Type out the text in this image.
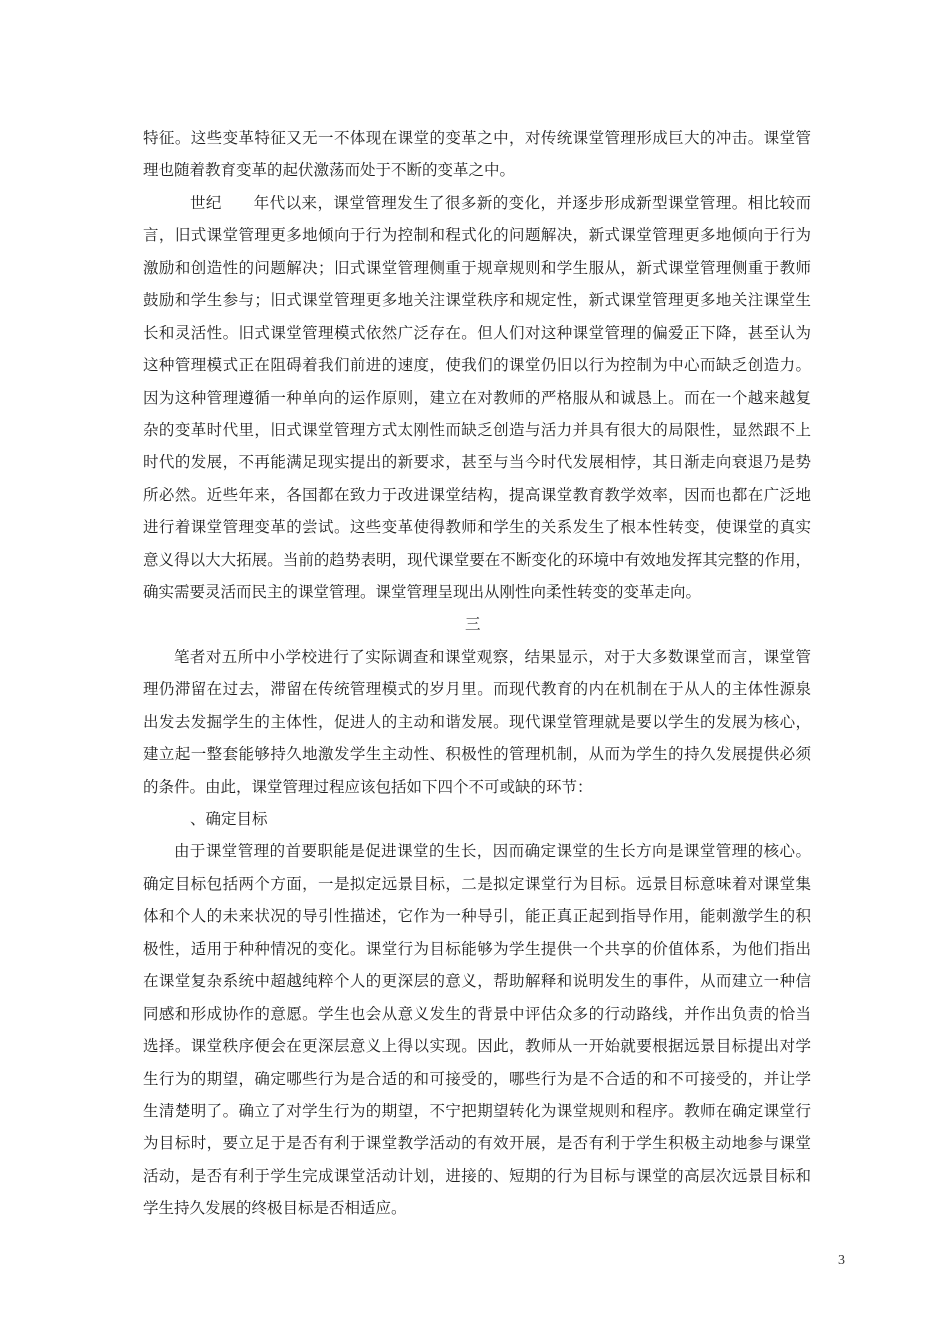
特征。这些变革特征又无一不体现在课堂的变革之中，对传统课堂管理形成巨大的冲击。课堂管
理也随着教育变革的起伏激荡而处于不断的变革之中。
世纪　　年代以来，课堂管理发生了很多新的变化，并逐步形成新型课堂管理。相比较而
言，旧式课堂管理更多地倾向于行为控制和程式化的问题解决，新式课堂管理更多地倾向于行为
激励和创造性的问题解决；旧式课堂管理侧重于规章规则和学生服从，新式课堂管理侧重于教师
鼓励和学生参与；旧式课堂管理更多地关注课堂秩序和规定性，新式课堂管理更多地关注课堂生
长和灵活性。旧式课堂管理模式依然广泛存在。但人们对这种课堂管理的偏爱正下降，甚至认为
这种管理模式正在阻碍着我们前进的速度，使我们的课堂仍旧以行为控制为中心而缺乏创造力。
因为这种管理遵循一种单向的运作原则，建立在对教师的严格服从和诚恳上。而在一个越来越复
杂的变革时代里，旧式课堂管理方式太刚性而缺乏创造与活力并具有很大的局限性，显然跟不上
时代的发展，不再能满足现实提出的新要求，甚至与当今时代发展相悖，其日渐走向衰退乃是势
所必然。近些年来，各国都在致力于改进课堂结构，提高课堂教育教学效率，因而也都在广泛地
进行着课堂管理变革的尝试。这些变革使得教师和学生的关系发生了根本性转变，使课堂的真实
意义得以大大拓展。当前的趋势表明，现代课堂要在不断变化的环境中有效地发挥其完整的作用，
确实需要灵活而民主的课堂管理。课堂管理呈现出从刚性向柔性转变的变革走向。
三
笔者对五所中小学校进行了实际调查和课堂观察，结果显示，对于大多数课堂而言，课堂管
理仍滞留在过去，滞留在传统管理模式的岁月里。而现代教育的内在机制在于从人的主体性源泉
出发去发掘学生的主体性，促进人的主动和谐发展。现代课堂管理就是要以学生的发展为核心，
建立起一整套能够持久地激发学生主动性、积极性的管理机制，从而为学生的持久发展提供必须
的条件。由此，课堂管理过程应该包括如下四个不可或缺的环节：
、确定目标
由于课堂管理的首要职能是促进课堂的生长，因而确定课堂的生长方向是课堂管理的核心。
确定目标包括两个方面，一是拟定远景目标，二是拟定课堂行为目标。远景目标意味着对课堂集
体和个人的未来状况的导引性描述，它作为一种导引，能正真正起到指导作用，能刺激学生的积
极性，适用于种种情况的变化。课堂行为目标能够为学生提供一个共享的价值体系，为他们指出
在课堂复杂系统中超越纯粹个人的更深层的意义，帮助解释和说明发生的事件，从而建立一种信
同感和形成协作的意愿。学生也会从意义发生的背景中评估众多的行动路线，并作出负责的恰当
选择。课堂秩序便会在更深层意义上得以实现。因此，教师从一开始就要根据远景目标提出对学
生行为的期望，确定哪些行为是合适的和可接受的，哪些行为是不合适的和不可接受的，并让学
生清楚明了。确立了对学生行为的期望，不宁把期望转化为课堂规则和程序。教师在确定课堂行
为目标时，要立足于是否有利于课堂教学活动的有效开展，是否有利于学生积极主动地参与课堂
活动，是否有利于学生完成课堂活动计划，进接的、短期的行为目标与课堂的高层次远景目标和
学生持久发展的终极目标是否相适应。
3
